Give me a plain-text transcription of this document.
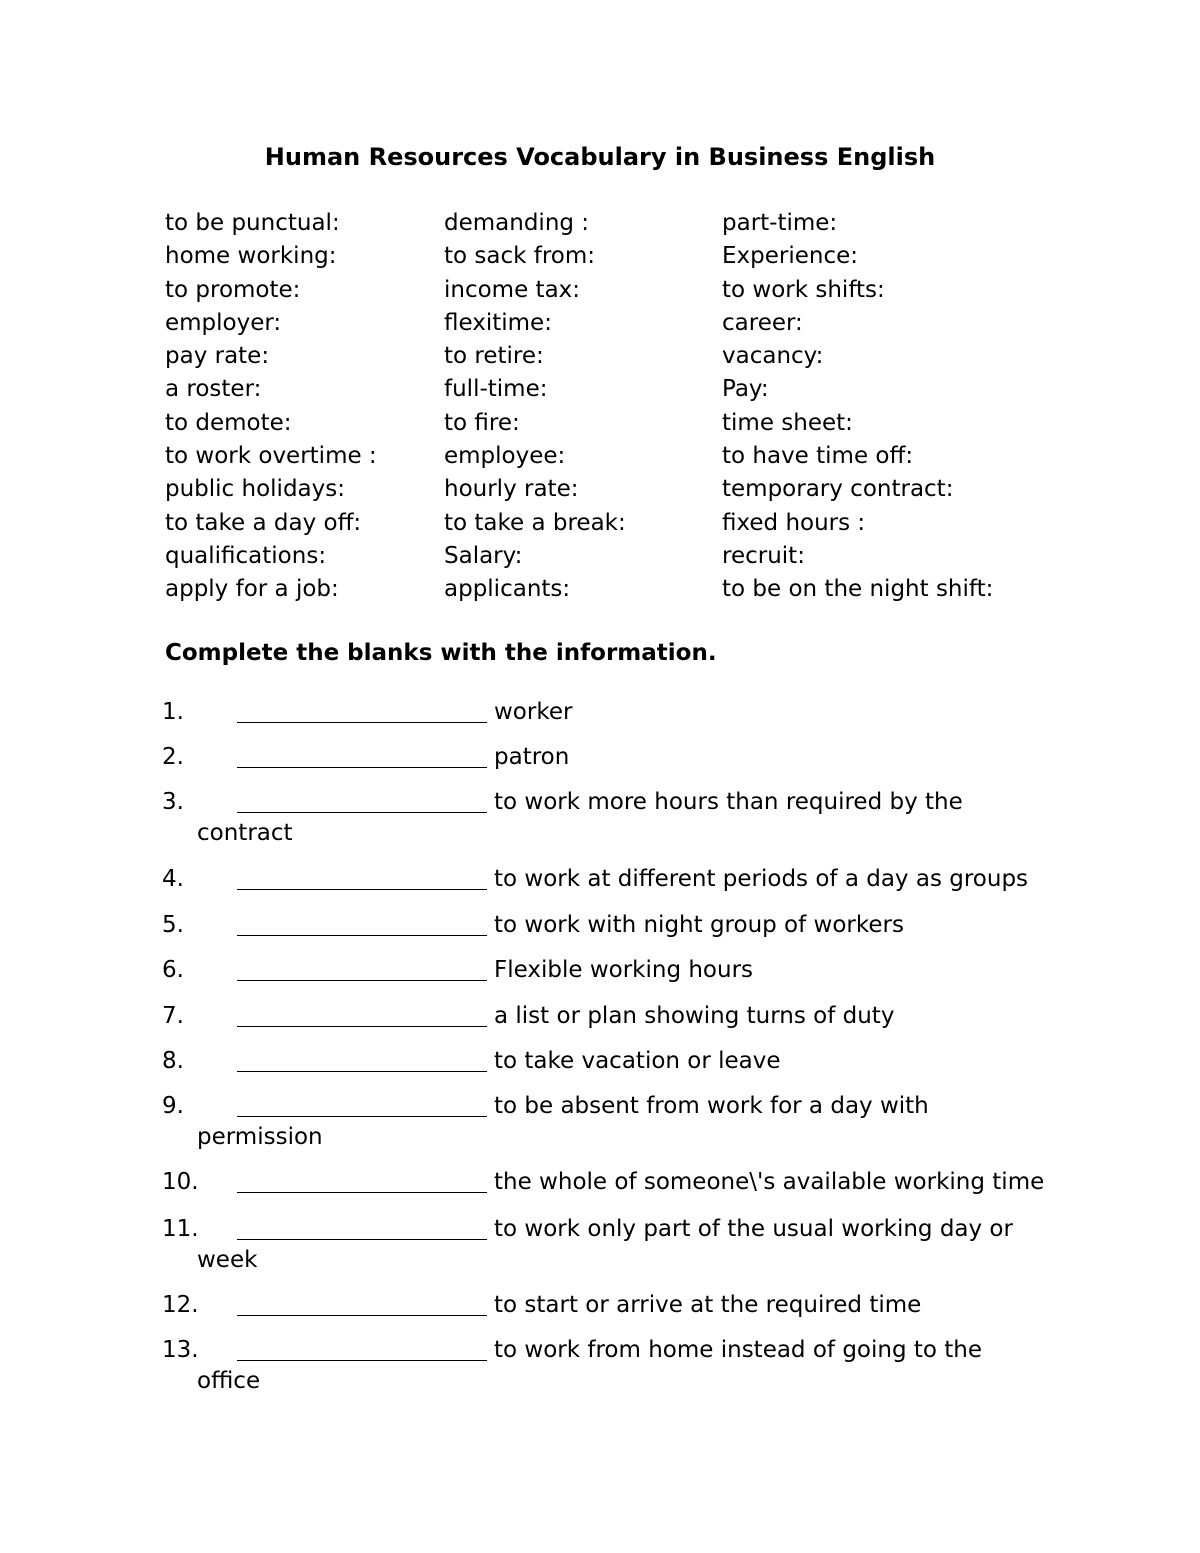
Human Resources Vocabulary in Business English
to be punctual:	demanding :	part-time:
home working:	to sack from:	Experience:
to promote:	income tax:	to work shifts:
employer:	flexitime:	career:
pay rate:	to retire:	vacancy:
a roster:	full-time:	Pay:
to demote:	to fire:	time sheet:
to work overtime :	employee:	to have time off:
public holidays:	hourly rate:	temporary contract:
to take a day off:	to take a break:	fixed hours :
qualifications:	Salary:	recruit:
apply for a job:	applicants:	to be on the night shift:
Complete the blanks with the information.
1.	worker
2.	patron
3.	to work more hours than required by the
contract
4.	to work at different periods of a day as groups
5.	to work with night group of workers
6.	Flexible working hours
7.	a list or plan showing turns of duty
8.	to take vacation or leave
9.	to be absent from work for a day with
permission
10.	the whole of someone\'s available working time
11.	to work only part of the usual working day or
week
12.	to start or arrive at the required time
13.	to work from home instead of going to the
office
